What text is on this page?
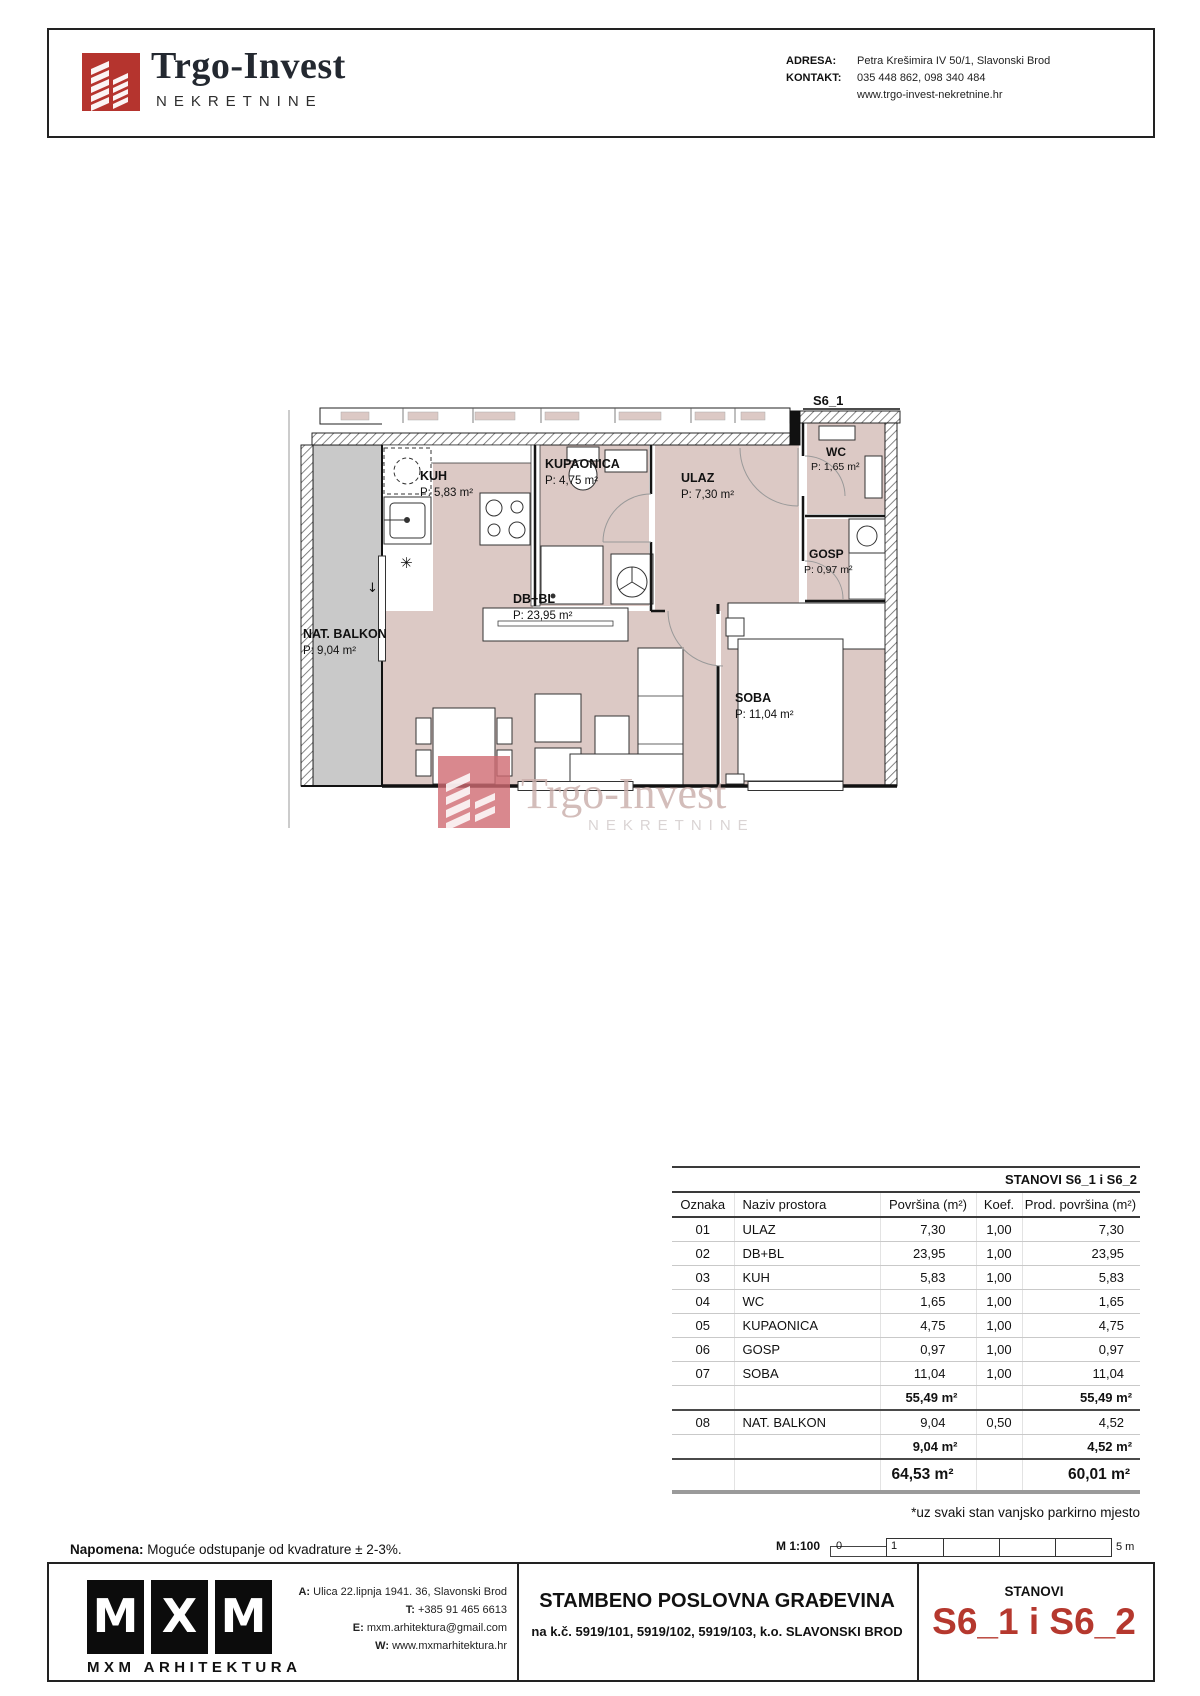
Trgo-Invest
NEKRETNINE
ADRESA: Petra Krešimira IV 50/1, Slavonski Brod
KONTAKT: 035 448 862, 098 340 484
www.trgo-invest-nekretnine.hr
S6_1
✳
↓
NAT. BALKON
P: 9,04 m²
KUH
P: 5,83 m²
KUPAONICA
P: 4,75 m²	ULAZ
P: 7,30 m²
WC
P: 1,65 m²
GOSP
P: 0,97 m²
DB+BL
P: 23,95 m²
SOBA
P: 11,04 m²
Trgo-Invest
NEKRETNINE
STANOVI S6_1 i S6_2				
Oznaka	Naziv prostora	Površina (m²)	Koef.	Prod. površina (m²)
01	ULAZ	7,30	1,00	7,30
02	DB+BL	23,95	1,00	23,95
03	KUH	5,83	1,00	5,83
04	WC	1,65	1,00	1,65
05	KUPAONICA	4,75	1,00	4,75
06	GOSP	0,97	1,00	0,97
07	SOBA	11,04	1,00	11,04
		55,49 m²		55,49 m²
08	NAT. BALKON	9,04	0,50	4,52
		9,04 m²		4,52 m²
		64,53 m²		60,01 m²
*uz svaki stan vanjsko parkirno mjesto
Napomena: Moguće odstupanje od kvadrature ± 2-3%.	M 1:100 0	1	5 m
M X M
MXM ARHITEKTURA
A: Ulica 22.lipnja 1941. 36, Slavonski Brod
T: +385 91 465 6613
E: mxm.arhitektura@gmail.com
W: www.mxmarhitektura.hr
STAMBENO POSLOVNA GRAĐEVINA
na k.č. 5919/101, 5919/102, 5919/103, k.o. SLAVONSKI BROD
STANOVI
S6_1 i S6_2
